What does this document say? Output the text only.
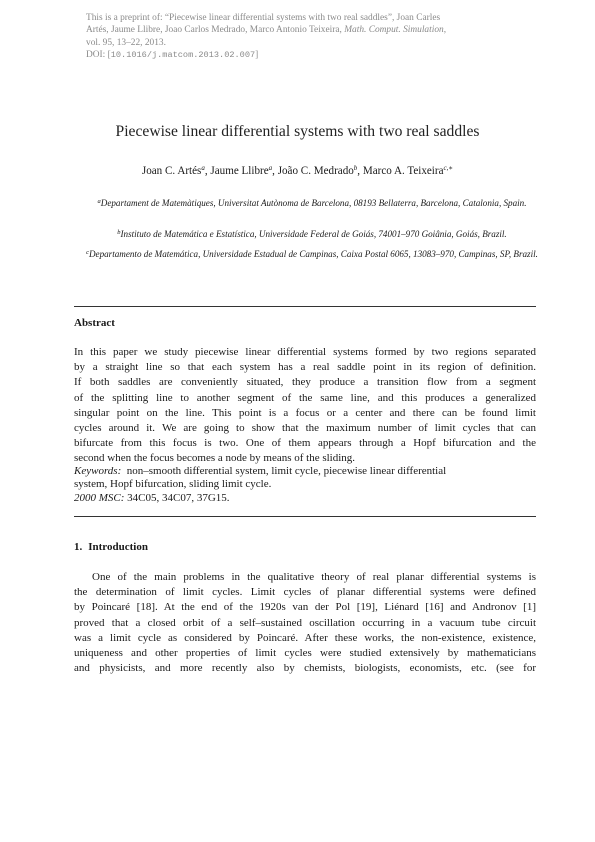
This is a preprint of: “Piecewise linear differential systems with two real saddles”, Joan Carles
Artés, Jaume Llibre, Joao Carlos Medrado, Marco Antonio Teixeira, Math. Comput. Simulation,
vol. 95, 13–22, 2013.
DOI: [10.1016/j.matcom.2013.02.007]
Piecewise linear differential systems with two real saddles
Joan C. Artés$^a$, Jaume Llibre$^a$, João C. Medrado$^b$, Marco A. Teixeira$^{c,∗}$
$^a$Departament de Matemàtiques, Universitat Autònoma de Barcelona, 08193 Bellaterra, Barcelona, Catalonia, Spain.
$^b$Instituto de Matemática e Estatística, Universidade Federal de Goiás, 74001–970 Goiânia, Goiás, Brazil.
$^c$Departamento de Matemática, Universidade Estadual de Campinas, Caixa Postal 6065, 13083–970, Campinas, SP, Brazil.
Abstract
In this paper we study piecewise linear differential systems formed by two regions separated
by a straight line so that each system has a real saddle point in its region of definition.
If both saddles are conveniently situated, they produce a transition flow from a segment
of the splitting line to another segment of the same line, and this produces a generalized
singular point on the line. This point is a focus or a center and there can be found limit
cycles around it. We are going to show that the maximum number of limit cycles that can
bifurcate from this focus is two. One of them appears through a Hopf bifurcation and the
second when the focus becomes a node by means of the sliding.
Keywords: non–smooth differential system, limit cycle, piecewise linear differential
system, Hopf bifurcation, sliding limit cycle.
2000 MSC: 34C05, 34C07, 37G15.
1. Introduction
One of the main problems in the qualitative theory of real planar differential systems is
the determination of limit cycles. Limit cycles of planar differential systems were defined
by Poincaré [18]. At the end of the 1920s van der Pol [19], Liénard [16] and Andronov [1]
proved that a closed orbit of a self–sustained oscillation occurring in a vacuum tube circuit
was a limit cycle as considered by Poincaré. After these works, the non-existence, existence,
uniqueness and other properties of limit cycles were studied extensively by mathematicians
and physicists, and more recently also by chemists, biologists, economists, etc. (see for
